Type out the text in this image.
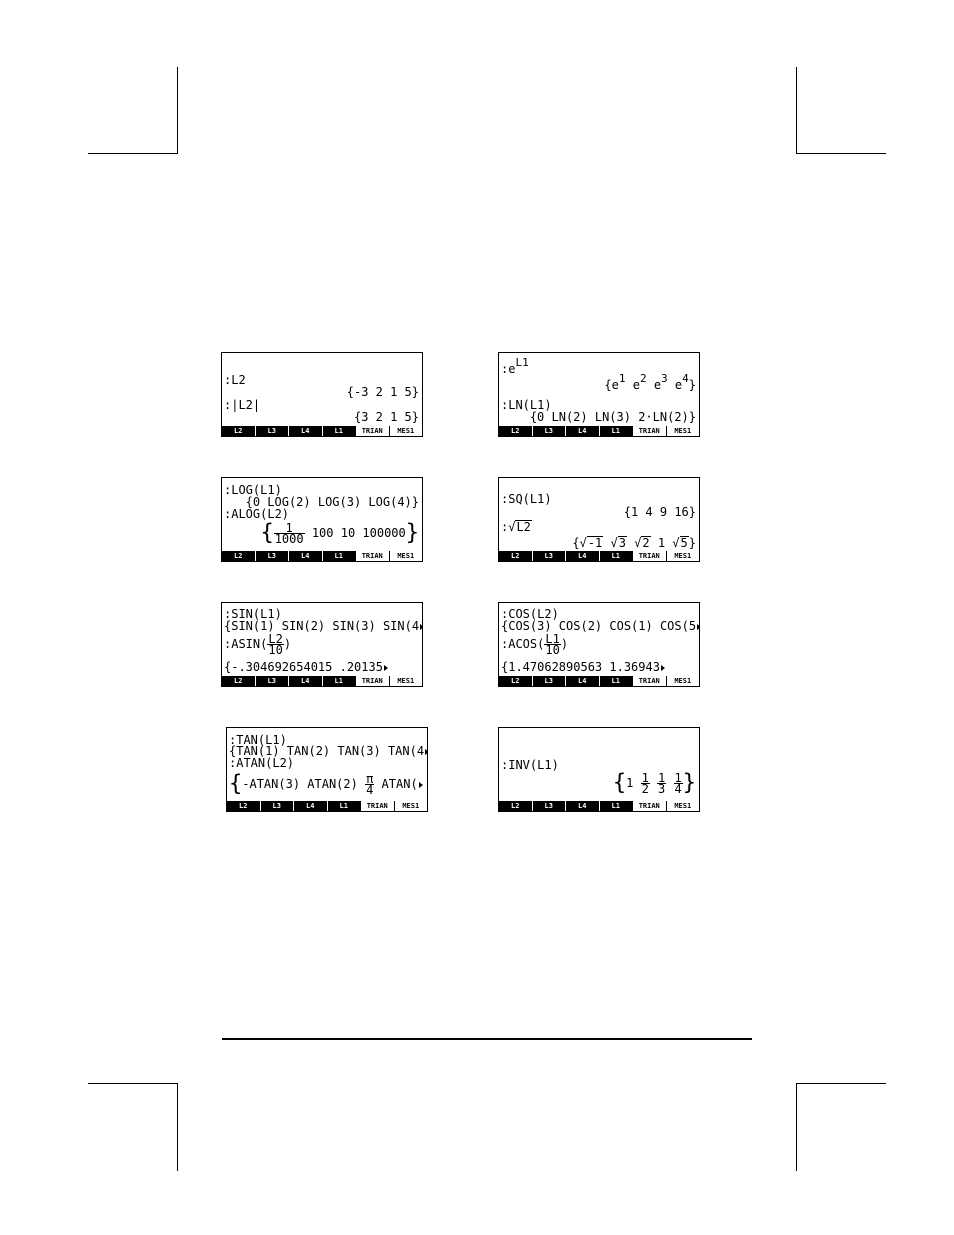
:L2
{-3 2 1 5}
:|L2|
{3 2 1 5}
L2	L3	L4	L1	TRIAN	MES1
:eL1
{e1 e2 e3 e4}
:LN(L1)
{0 LN(2) LN(3) 2·LN(2)}
L2	L3	L4	L1	TRIAN	MES1
:LOG(L1)
{0 LOG(2) LOG(3) LOG(4)}
:ALOG(L2)
{ $\frac{1}{1000} 100$ 10 100000}
L2	L3	L4	L1	TRIAN	MES1
:SQ(L1)
{1 4 9 16}
:√L2
{√-1 √3 √2 1 √5}
L2	L3	L4	L1	TRIAN	MES1
:SIN(L1)
{SIN(1) SIN(2) SIN(3) SIN(4
:ASIN( $\frac{L2}{10}$ )
{-.304692654015 .20135
L2	L3	L4	L1	TRIAN	MES1
:COS(L2)
{COS(3) COS(2) COS(1) COS(5
:ACOS( $\frac{L1}{10}$ )
{1.47062890563 1.36943
L2	L3	L4	L1	TRIAN	MES1
:TAN(L1)
{TAN(1) TAN(2) TAN(3) TAN(4
:ATAN(L2)
{-ATAN(3) ATAN(2) $\frac{\pi}{4}$ ATAN(
L2	L3	L4	L1	TRIAN	MES1
:INV(L1)
{$1 \frac{1}{2}$
$\frac{1}{3}$
$\frac{1}{4}$ }
L2	L3	L4	L1	TRIAN	MES1
